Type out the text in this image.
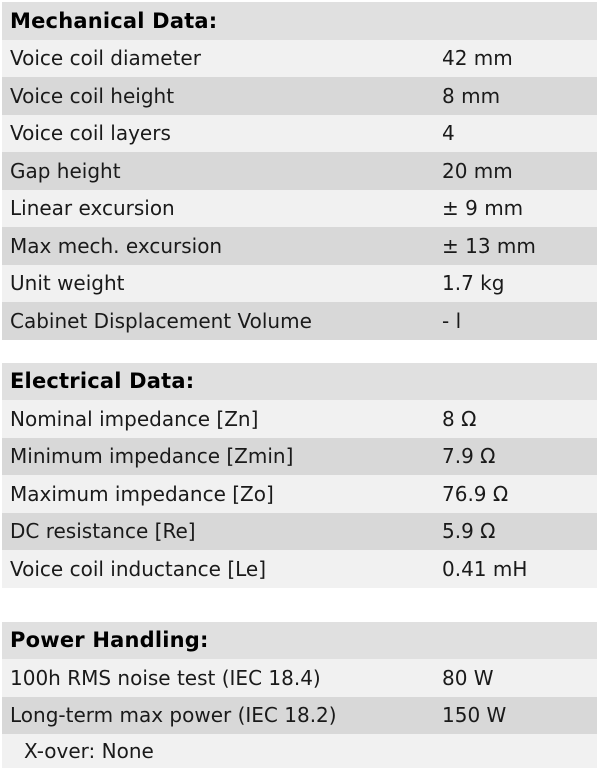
Mechanical Data:
Voice coil diameter	42 mm
Voice coil height	8 mm
Voice coil layers	4
Gap height	20 mm
Linear excursion	± 9 mm
Max mech. excursion	± 13 mm
Unit weight	1.7 kg
Cabinet Displacement Volume	- l
Electrical Data:
Nominal impedance [Zn]	8 Ω
Minimum impedance [Zmin]	7.9 Ω
Maximum impedance [Zo]	76.9 Ω
DC resistance [Re]	5.9 Ω
Voice coil inductance [Le]	0.41 mH
Power Handling:
100h RMS noise test (IEC 18.4)	80 W
Long-term max power (IEC 18.2)	150 W
X-over: None
